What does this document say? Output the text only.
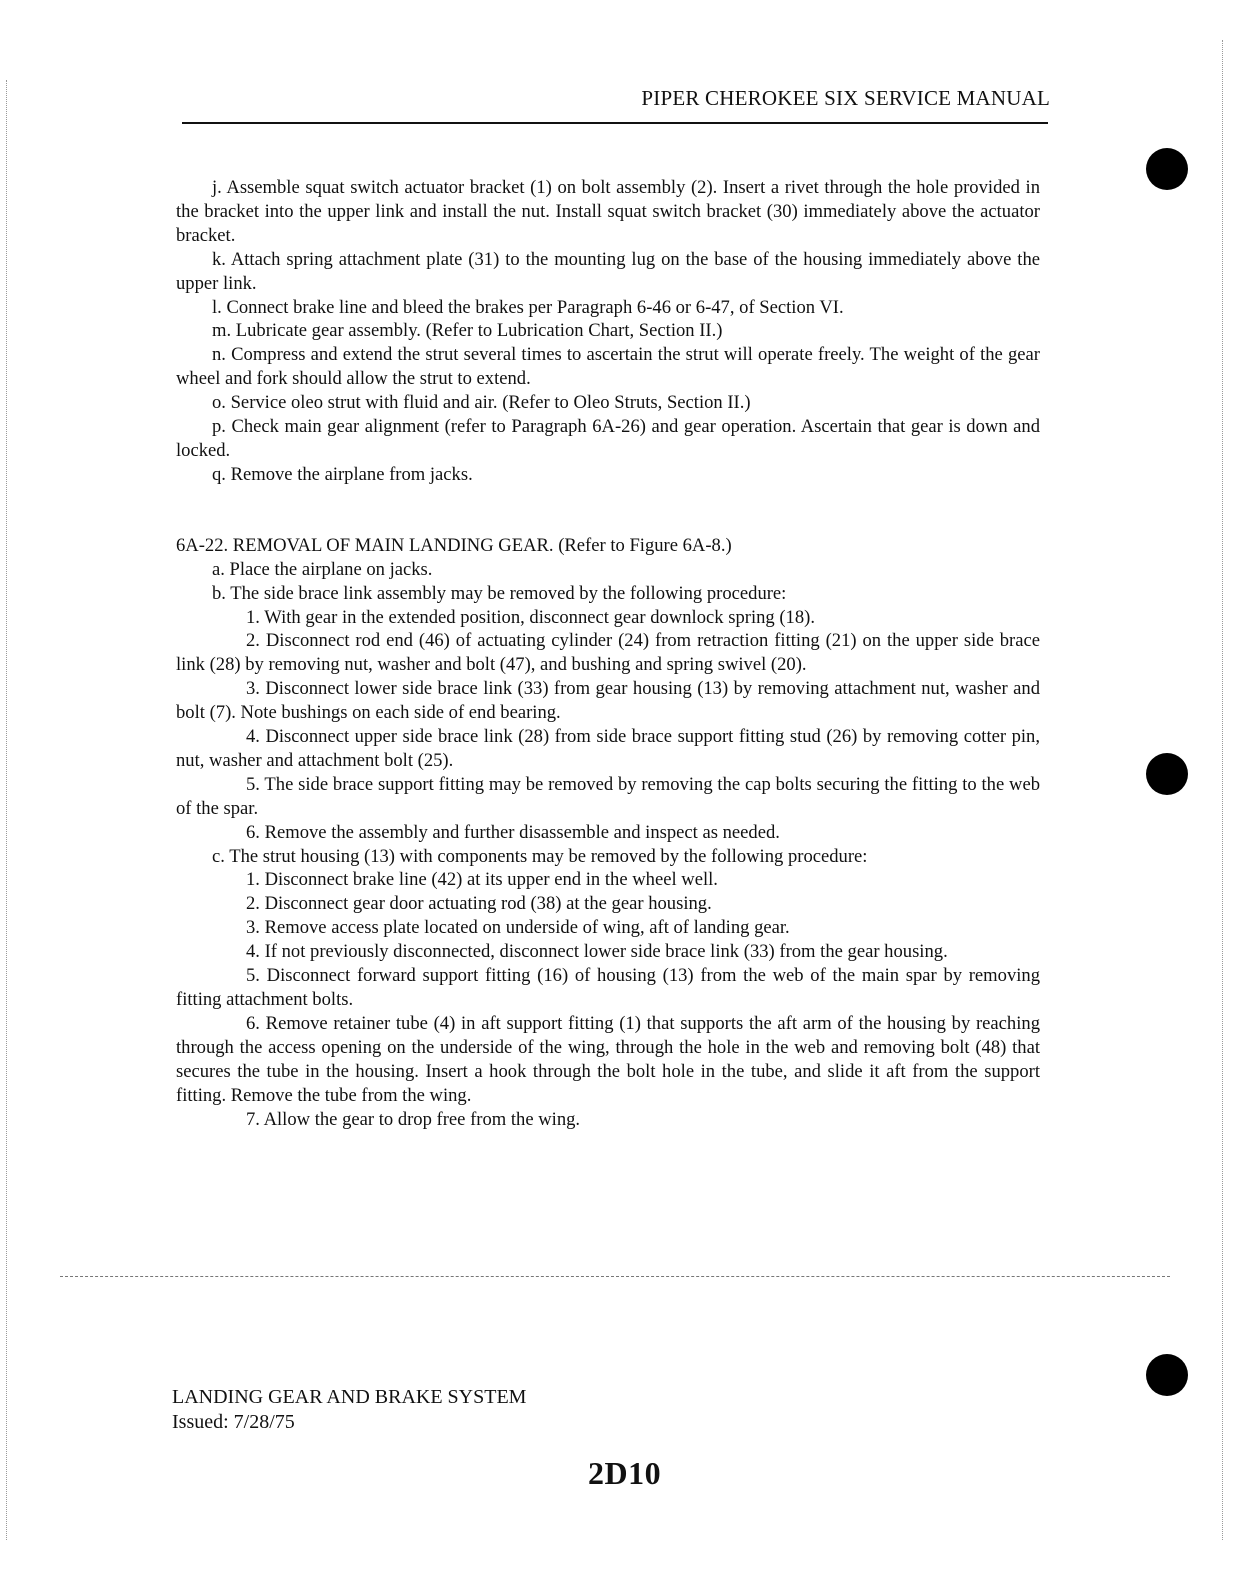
PIPER CHEROKEE SIX SERVICE MANUAL

j. Assemble squat switch actuator bracket (1) on bolt assembly (2). Insert a rivet through the hole provided in the bracket into the upper link and install the nut. Install squat switch bracket (30) immediately above the actuator bracket.

k. Attach spring attachment plate (31) to the mounting lug on the base of the housing immediately above the upper link.

l. Connect brake line and bleed the brakes per Paragraph 6-46 or 6-47, of Section VI.

m. Lubricate gear assembly. (Refer to Lubrication Chart, Section II.)

n. Compress and extend the strut several times to ascertain the strut will operate freely. The weight of the gear wheel and fork should allow the strut to extend.

o. Service oleo strut with fluid and air. (Refer to Oleo Struts, Section II.)

p. Check main gear alignment (refer to Paragraph 6A-26) and gear operation. Ascertain that gear is down and locked.

q. Remove the airplane from jacks.

6A-22. REMOVAL OF MAIN LANDING GEAR. (Refer to Figure 6A-8.)

a. Place the airplane on jacks.

b. The side brace link assembly may be removed by the following procedure:

1. With gear in the extended position, disconnect gear downlock spring (18).

2. Disconnect rod end (46) of actuating cylinder (24) from retraction fitting (21) on the upper side brace link (28) by removing nut, washer and bolt (47), and bushing and spring swivel (20).

3. Disconnect lower side brace link (33) from gear housing (13) by removing attachment nut, washer and bolt (7). Note bushings on each side of end bearing.

4. Disconnect upper side brace link (28) from side brace support fitting stud (26) by removing cotter pin, nut, washer and attachment bolt (25).

5. The side brace support fitting may be removed by removing the cap bolts securing the fitting to the web of the spar.

6. Remove the assembly and further disassemble and inspect as needed.

c. The strut housing (13) with components may be removed by the following procedure:

1. Disconnect brake line (42) at its upper end in the wheel well.

2. Disconnect gear door actuating rod (38) at the gear housing.

3. Remove access plate located on underside of wing, aft of landing gear.

4. If not previously disconnected, disconnect lower side brace link (33) from the gear housing.

5. Disconnect forward support fitting (16) of housing (13) from the web of the main spar by removing fitting attachment bolts.

6. Remove retainer tube (4) in aft support fitting (1) that supports the aft arm of the housing by reaching through the access opening on the underside of the wing, through the hole in the web and removing bolt (48) that secures the tube in the housing. Insert a hook through the bolt hole in the tube, and slide it aft from the support fitting. Remove the tube from the wing.

7. Allow the gear to drop free from the wing.

LANDING GEAR AND BRAKE SYSTEM
Issued: 7/28/75
2D10
